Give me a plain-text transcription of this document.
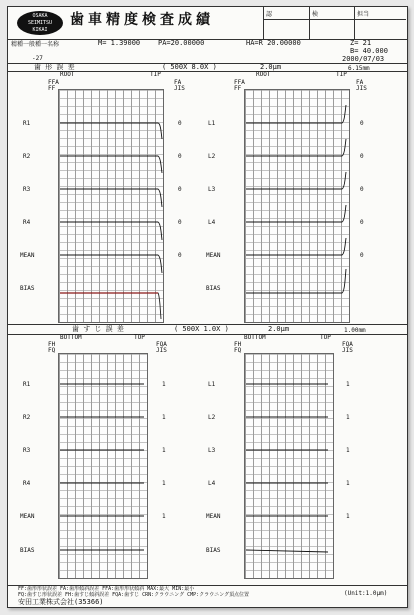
OSAKA
SEIMITSU
KIKAI
歯車精度検査成績	認	検	担当
精種一般種一名称	M= 1.39000	PA=20.00000	HA=R 20.00000	Z= 21
B= 40.000
-27	2000/07/03
歯 形 誤 差	( 500X 8.0X )	2.0μm	6.15mm
ROOT	TIP	ROOT	TIP
FFA
FF
FA
JIS
FFA
FF
FA
JIS
R1
R2
R3
R4
MEAN
BIAS
L1
L2
L3
L4
MEAN
BIAS
0
0
0
0
0
0
0
0
0
0
歯 す じ 誤 差	( 500X 1.0X )	2.0μm	1.00mm
BOTTOM	TOP	BOTTOM	TOP
FH
FQ
FQA
JIS
FH
FQ
FQA
JIS
R1
R2
R3
R4
MEAN
BIAS
L1
L2
L3
L4
MEAN
BIAS
1
1
1
1
1
1
1
1
1
1
FF:歯形形状誤差 FA:歯形傾斜誤差 FFA:歯形形状傾斜 MAX:最大 MIN:最小
FQ:歯すじ形状誤差 FH:歯すじ傾斜誤差 FQA:歯すじ CRN:クラウニング CMP:クラウニング頂点位置
安田工業株式会社(35366)
(Unit:1.0μm)
